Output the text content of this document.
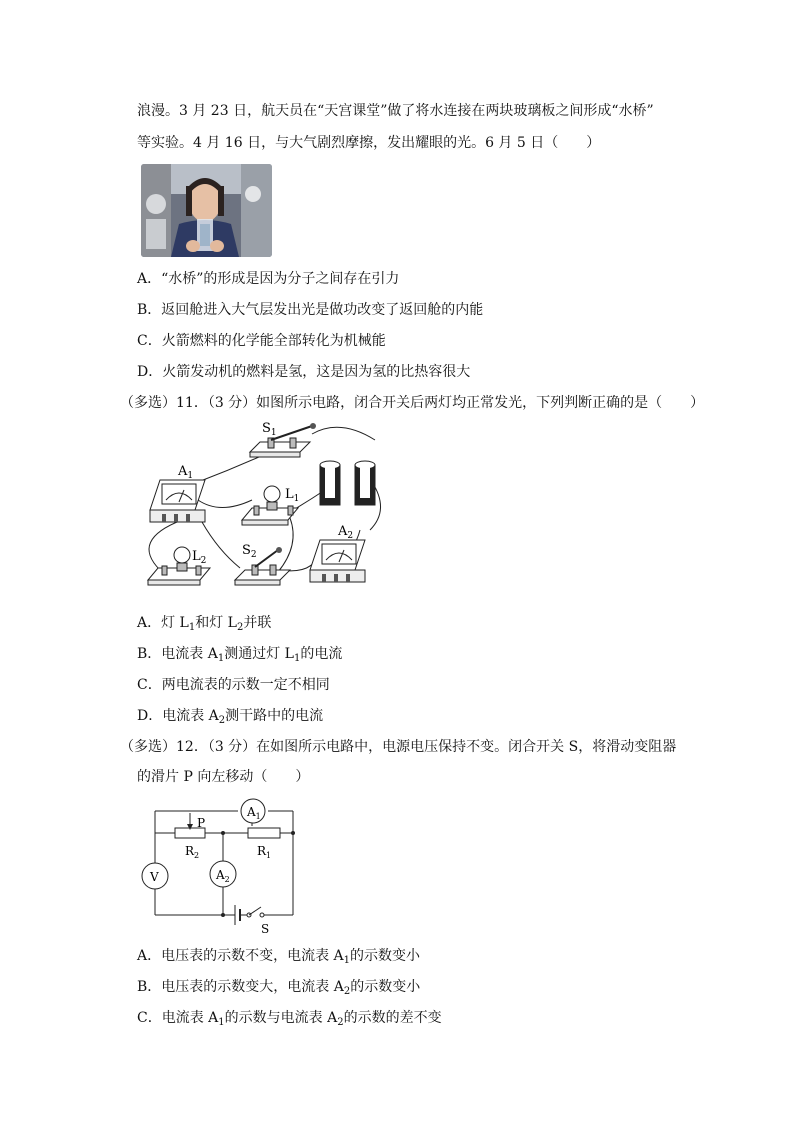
浪漫。3 月 23 日，航天员在“天宫课堂”做了将水连接在两块玻璃板之间形成“水桥”
等实验。4 月 16 日，与大气剧烈摩擦，发出耀眼的光。6 月 5 日（　　）
A．“水桥”的形成是因为分子之间存在引力
B．返回舱进入大气层发出光是做功改变了返回舱的内能
C．火箭燃料的化学能全部转化为机械能
D．火箭发动机的燃料是氢，这是因为氢的比热容很大
（多选）11．（3 分）如图所示电路，闭合开关后两灯均正常发光，下列判断正确的是（　　）
$S_1$
$A_1$
$L_1$
$L_2$
$S_2$
$A_2$
A．灯 $L_1$和灯 $L_2$并联
B．电流表 $A_1$测通过灯 $L_1$的电流
C．两电流表的示数一定不相同
D．电流表 $A_2$测干路中的电流
（多选）12．（3 分）在如图所示电路中，电源电压保持不变。闭合开关 S，将滑动变阻器
的滑片 P 向左移动（　　）
P
$R_2$	$R_1$
$A_1$
V	$A_2$
S
A．电压表的示数不变，电流表 $A_1$的示数变小
B．电压表的示数变大，电流表 $A_2$的示数变小
C．电流表 $A_1$的示数与电流表 $A_2$的示数的差不变
